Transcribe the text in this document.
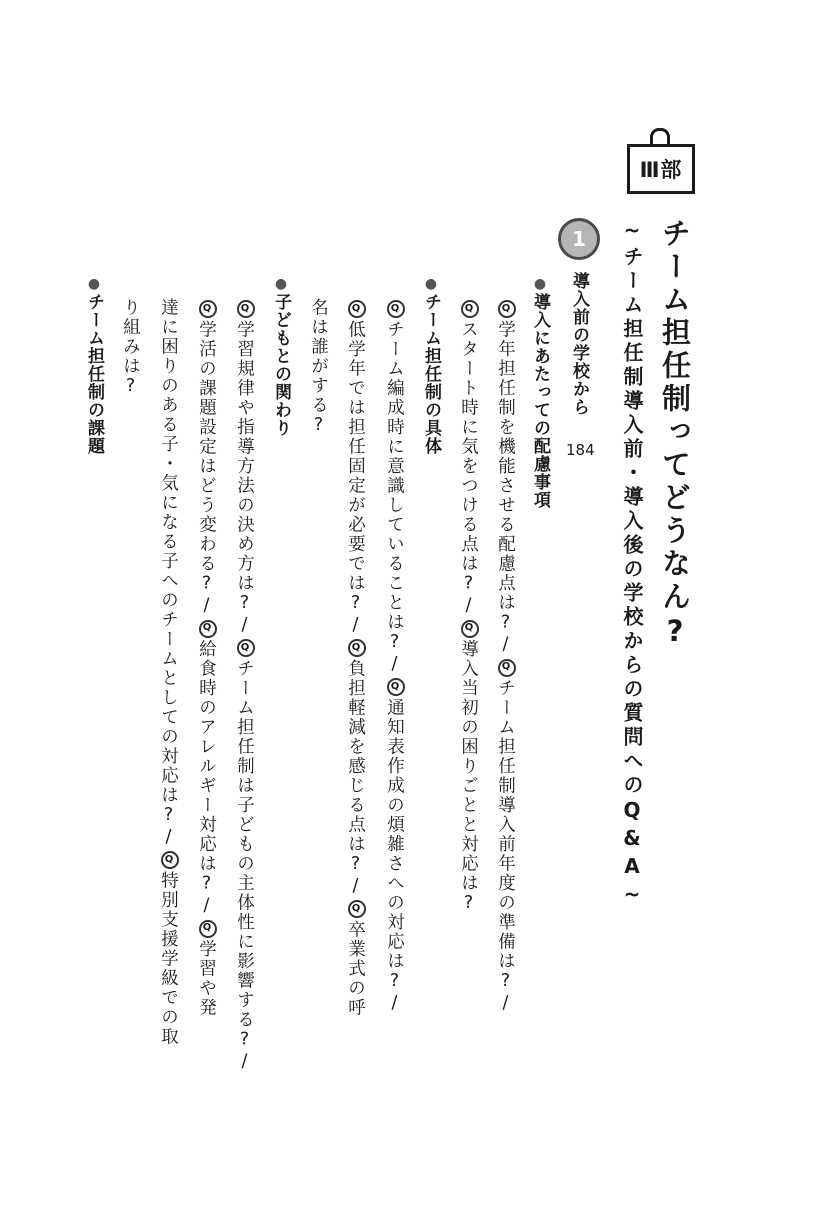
Ⅲ部
チーム担任制ってどうなん?
~チーム担任制導入前・導入後の学校からの質問へのQ&A~
1
導入前の学校から
184
●導入にあたっての配慮事項
Q学年担任制を機能させる配慮点は?/Qチーム担任制導入前年度の準備は?/
Qスタート時に気をつける点は?/Q導入当初の困りごとと対応は?
●チーム担任制の具体
Qチーム編成時に意識していることは?/Q通知表作成の煩雑さへの対応は?/
Q低学年では担任固定が必要では?/Q負担軽減を感じる点は?/Q卒業式の呼
名は誰がする?
●子どもとの関わり
Q学習規律や指導方法の決め方は?/Qチーム担任制は子どもの主体性に影響する?/
Q学活の課題設定はどう変わる?/Q給食時のアレルギー対応は?/Q学習や発
達に困りのある子・気になる子へのチームとしての対応は?/Q特別支援学級での取
り組みは?
●チーム担任制の課題
